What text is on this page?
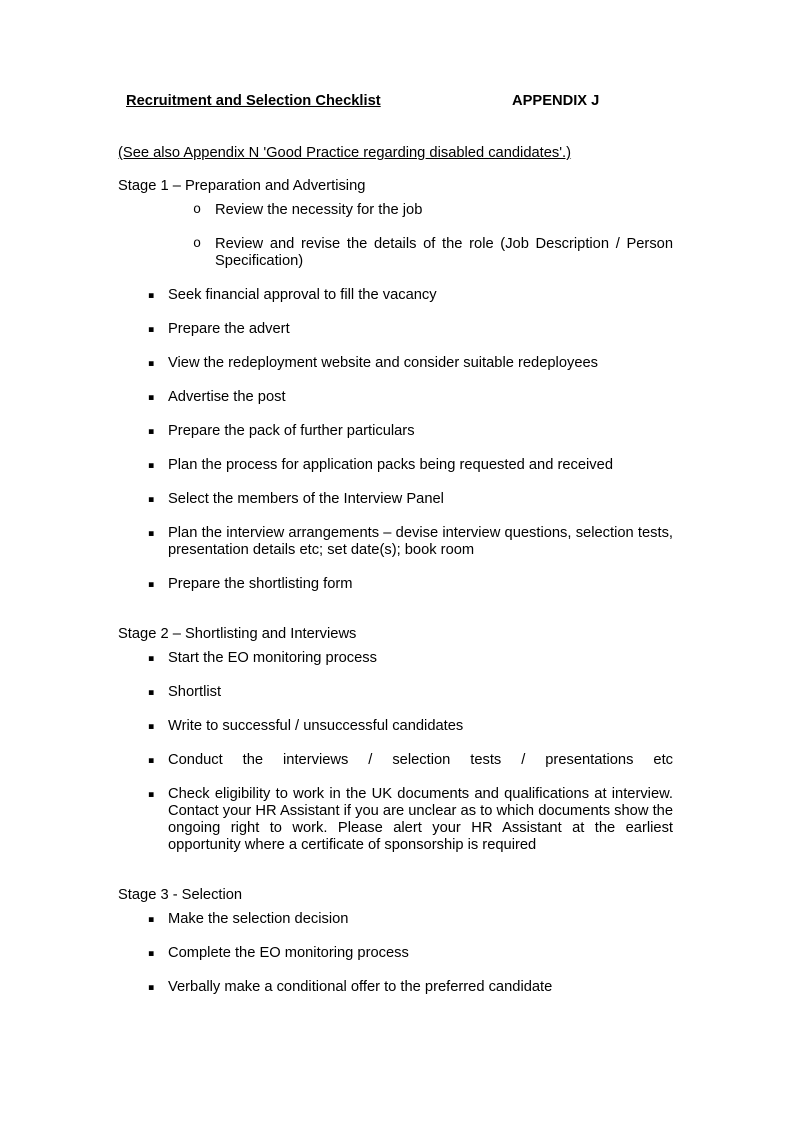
Recruitment and Selection Checklist	APPENDIX J
(See also Appendix N 'Good Practice regarding disabled candidates'.)
Stage 1 – Preparation and Advertising
o Review the necessity for the job
o Review and revise the details of the role (Job Description / Person Specification)
▪ Seek financial approval to fill the vacancy
▪ Prepare the advert
▪ View the redeployment website and consider suitable redeployees
▪ Advertise the post
▪ Prepare the pack of further particulars
▪ Plan the process for application packs being requested and received
▪ Select the members of the Interview Panel
▪ Plan the interview arrangements – devise interview questions, selection tests, presentation details etc; set date(s); book room
▪ Prepare the shortlisting form
Stage 2 – Shortlisting and Interviews
▪ Start the EO monitoring process
▪ Shortlist
▪ Write to successful / unsuccessful candidates
▪ Conduct the interviews / selection tests / presentations etc
▪ Check eligibility to work in the UK documents and qualifications at interview. Contact your HR Assistant if you are unclear as to which documents show the ongoing right to work. Please alert your HR Assistant at the earliest opportunity where a certificate of sponsorship is required
Stage 3 - Selection
▪ Make the selection decision
▪ Complete the EO monitoring process
▪ Verbally make a conditional offer to the preferred candidate
